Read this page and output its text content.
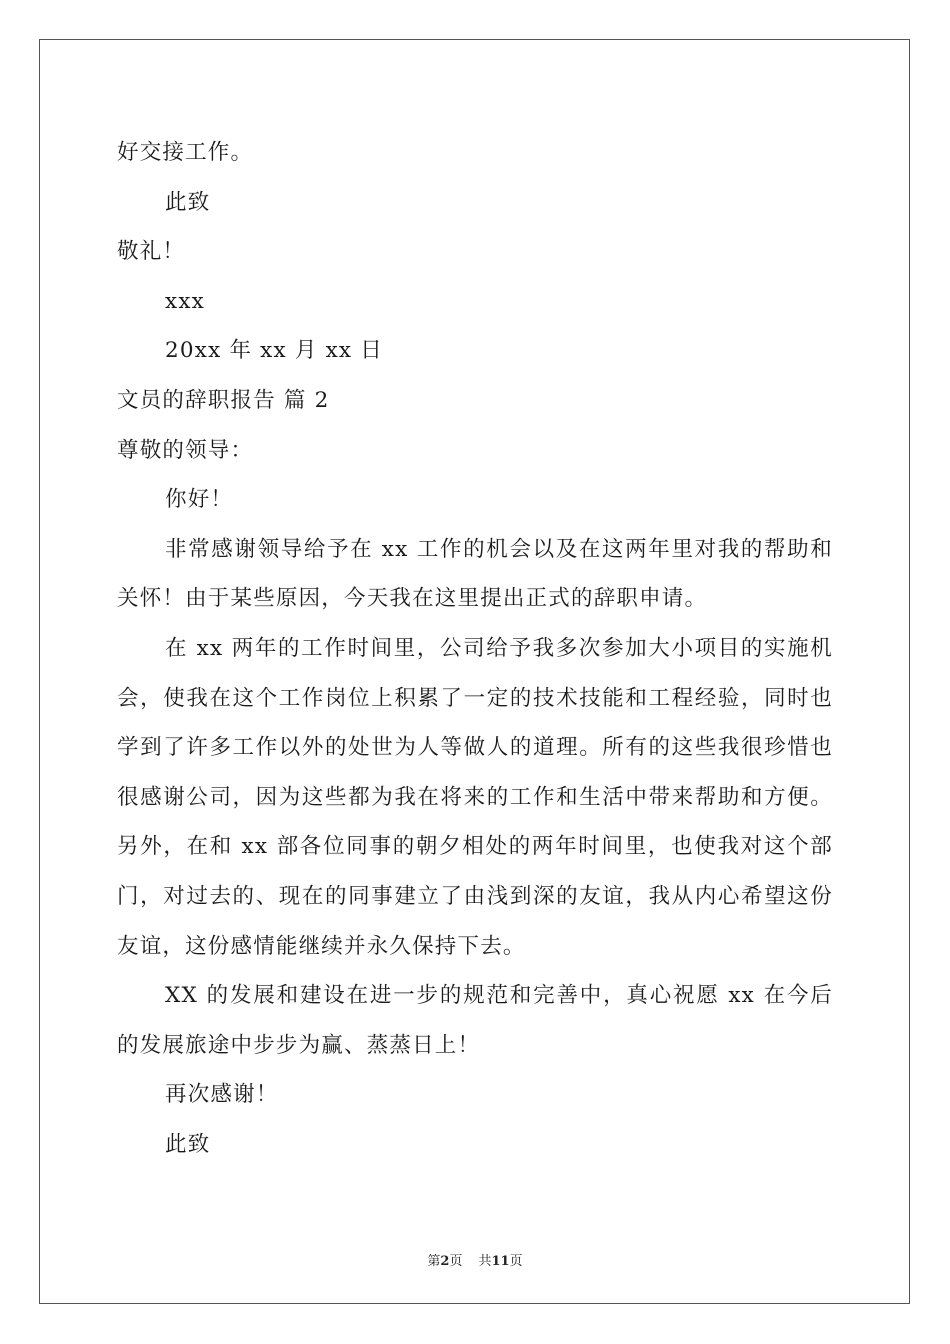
好交接工作。
此致
敬礼！
xxx
20xx 年 xx 月 xx 日
文员的辞职报告 篇 2
尊敬的领导：
你好！
非常感谢领导给予在 xx 工作的机会以及在这两年里对我的帮助和关怀！由于某些原因，今天我在这里提出正式的辞职申请。
在 xx 两年的工作时间里，公司给予我多次参加大小项目的实施机会，使我在这个工作岗位上积累了一定的技术技能和工程经验，同时也学到了许多工作以外的处世为人等做人的道理。所有的这些我很珍惜也很感谢公司，因为这些都为我在将来的工作和生活中带来帮助和方便。另外，在和 xx 部各位同事的朝夕相处的两年时间里，也使我对这个部门，对过去的、现在的同事建立了由浅到深的友谊，我从内心希望这份友谊，这份感情能继续并永久保持下去。
XX 的发展和建设在进一步的规范和完善中，真心祝愿 xx 在今后的发展旅途中步步为赢、蒸蒸日上！
再次感谢！
此致
第2页 共11页
